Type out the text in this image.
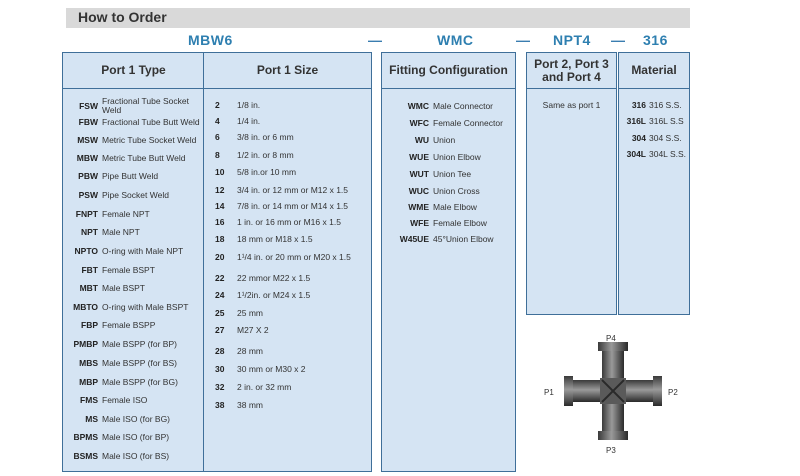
How to Order
MBW6	—	WMC	— NPT4 — 316
Port 1 Type	Port 1 Size
FSW Fractional Tube Socket Weld
FBW Fractional Tube Butt Weld
MSW Metric Tube Socket Weld
MBW Metric Tube Butt Weld
PBW Pipe Butt Weld
PSW Pipe Socket Weld
FNPT Female NPT
NPT Male NPT
NPTO O-ring with Male NPT
FBT Female BSPT
MBT Male BSPT
MBTO O-ring with Male BSPT
FBP Female BSPP
PMBP Male BSPP (for BP)
MBS Male BSPP (for BS)
MBP Male BSPP (for BG)
FMS Female ISO
MS Male ISO (for BG)
BPMS Male ISO (for BP)
BSMS Male ISO (for BS)
2 1/8 in.
4 1/4 in.
6 3/8 in. or 6 mm
8 1/2 in. or 8 mm
10 5/8 in.or 10 mm
12 3/4 in. or 12 mm or M12 x 1.5
14 7/8 in. or 14 mm or M14 x 1.5
16 1 in. or 16 mm or M16 x 1.5
18 18 mm or M18 x 1.5
20 1¹/4 in. or 20 mm or M20 x 1.5
22 22 mmor M22 x 1.5
24 1¹/2in. or M24 x 1.5
25 25 mm
27 M27 X 2
28 28 mm
30 30 mm or M30 x 2
32 2 in. or 32 mm
38 38 mm
Fitting Configuration
WMC Male Connector
WFC Female Connector
WU Union
WUE Union Elbow
WUT Union Tee
WUC Union Cross
WME Male Elbow
WFE Female Elbow
W45UE 45°Union Elbow
Port 2, Port 3 and Port 4
Same as port 1
Material
316 316 S.S.
316L 316L S.S
304 304 S.S.
304L 304L S.S.
P4
P1	P2
P3
